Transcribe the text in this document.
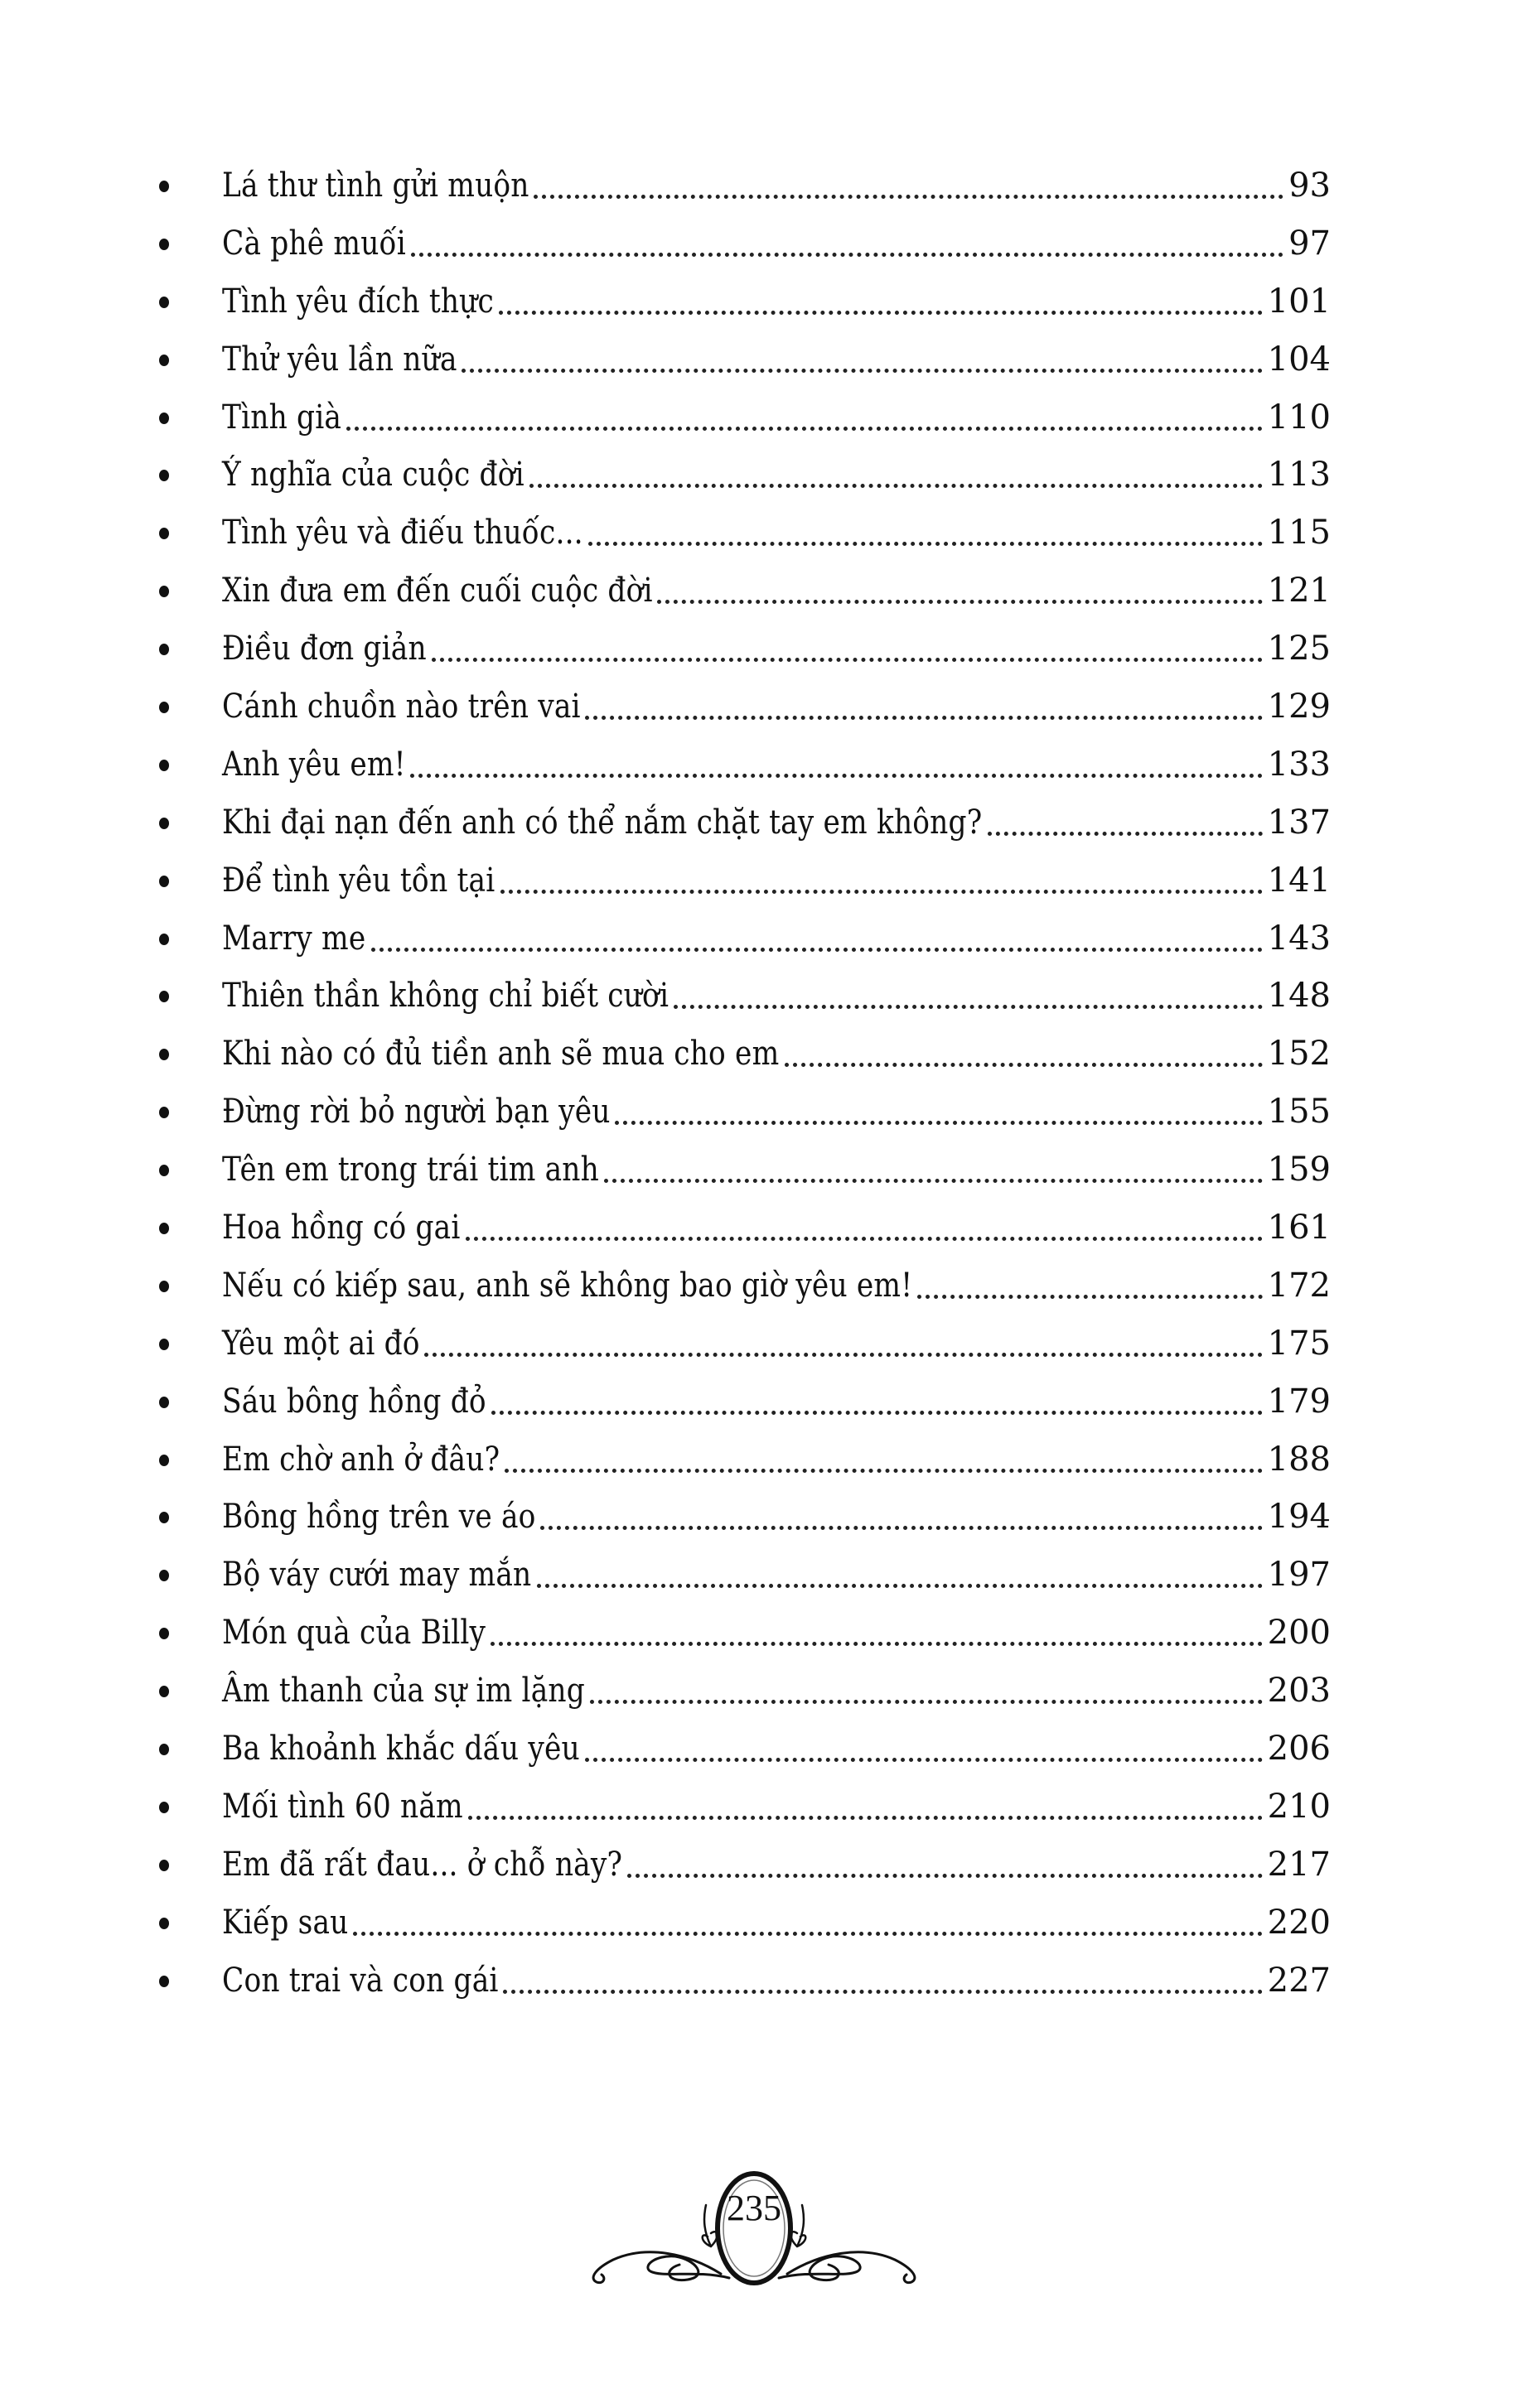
Lá thư tình gửi muộn	93
Cà phê muối	97
Tình yêu đích thực	101
Thử yêu lần nữa	104
Tình già	110
Ý nghĩa của cuộc đời	113
Tình yêu và điếu thuốc...	115
Xin đưa em đến cuối cuộc đời	121
Điều đơn giản	125
Cánh chuồn nào trên vai	129
Anh yêu em!	133
Khi đại nạn đến anh có thể nắm chặt tay em không?	137
Để tình yêu tồn tại	141
Marry me	143
Thiên thần không chỉ biết cười	148
Khi nào có đủ tiền anh sẽ mua cho em	152
Đừng rời bỏ người bạn yêu	155
Tên em trong trái tim anh	159
Hoa hồng có gai	161
Nếu có kiếp sau, anh sẽ không bao giờ yêu em!	172
Yêu một ai đó	175
Sáu bông hồng đỏ	179
Em chờ anh ở đâu?	188
Bông hồng trên ve áo	194
Bộ váy cưới may mắn	197
Món quà của Billy	200
Âm thanh của sự im lặng	203
Ba khoảnh khắc dấu yêu	206
Mối tình 60 năm	210
Em đã rất đau... ở chỗ này?	217
Kiếp sau	220
Con trai và con gái	227
235
